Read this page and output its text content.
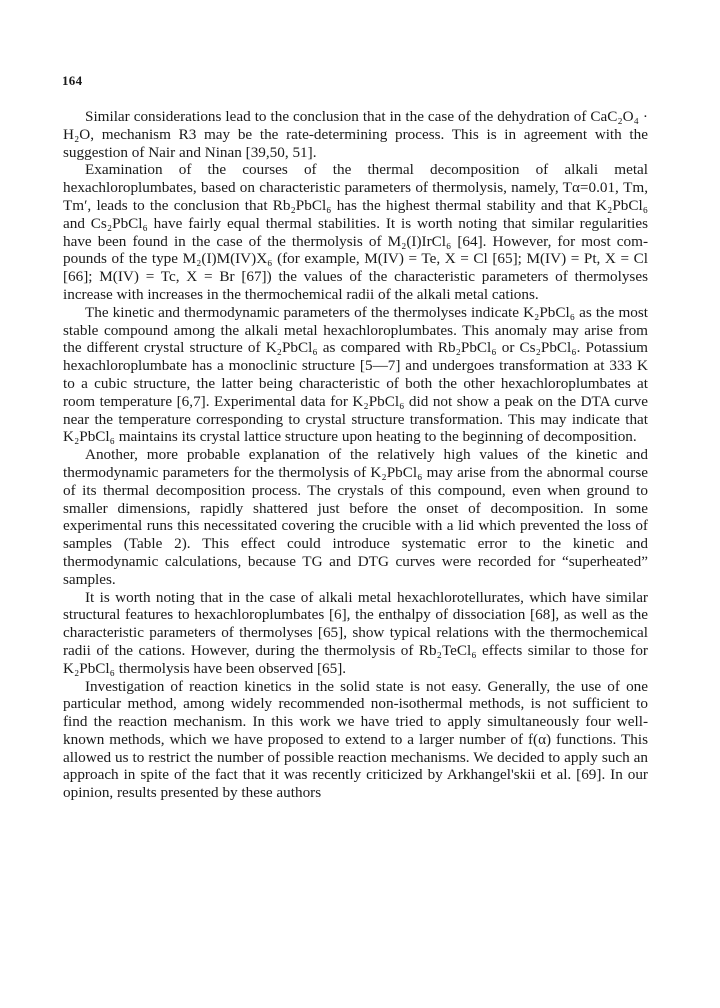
164

Similar considerations lead to the conclusion that in the case of the dehydration of CaC₂O₄ · H₂O, mechanism R3 may be the rate-determining process. This is in agreement with the suggestion of Nair and Ninan [39,50, 51].

Examination of the courses of the thermal decomposition of alkali metal hexachloroplumbates, based on characteristic parameters of thermolysis, namely, Tα=0.01, Tm, Tm′, leads to the conclusion that Rb₂PbCl₆ has the highest thermal stability and that K₂PbCl₆ and Cs₂PbCl₆ have fairly equal thermal stabilities. It is worth noting that similar regularities have been found in the case of the thermolysis of M₂(I)IrCl₆ [64]. However, for most compounds of the type M₂(I)M(IV)X₆ (for example, M(IV) = Te, X = Cl [65]; M(IV) = Pt, X = Cl [66]; M(IV) = Tc, X = Br [67]) the values of the characteristic parameters of thermolyses increase with increases in the thermochemical radii of the alkali metal cations.

The kinetic and thermodynamic parameters of the thermolyses indicate K₂PbCl₆ as the most stable compound among the alkali metal hexachloroplumbates. This anomaly may arise from the different crystal structure of K₂PbCl₆ as compared with Rb₂PbCl₆ or Cs₂PbCl₆. Potassium hexachloroplumbate has a monoclinic structure [5—7] and undergoes transformation at 333 K to a cubic structure, the latter being characteristic of both the other hexachloroplumbates at room temperature [6,7]. Experimental data for K₂PbCl₆ did not show a peak on the DTA curve near the temperature corresponding to crystal structure transformation. This may indicate that K₂PbCl₆ maintains its crystal lattice structure upon heating to the beginning of decomposition.

Another, more probable explanation of the relatively high values of the kinetic and thermodynamic parameters for the thermolysis of K₂PbCl₆ may arise from the abnormal course of its thermal decomposition process. The crystals of this compound, even when ground to smaller dimensions, rapidly shattered just before the onset of decomposition. In some experimental runs this necessitated covering the crucible with a lid which prevented the loss of samples (Table 2). This effect could introduce systematic error to the kinetic and thermodynamic calculations, because TG and DTG curves were recorded for “superheated” samples.

It is worth noting that in the case of alkali metal hexachlorotellurates, which have similar structural features to hexachloroplumbates [6], the enthalpy of dissociation [68], as well as the characteristic parameters of thermolyses [65], show typical relations with the thermochemical radii of the cations. However, during the thermolysis of Rb₂TeCl₆ effects similar to those for K₂PbCl₆ thermolysis have been observed [65].

Investigation of reaction kinetics in the solid state is not easy. Generally, the use of one particular method, among widely recommended non-isothermal methods, is not sufficient to find the reaction mechanism. In this work we have tried to apply simultaneously four well-known methods, which we have proposed to extend to a larger number of f(α) functions. This allowed us to restrict the number of possible reaction mechanisms. We decided to apply such an approach in spite of the fact that it was recently criticized by Arkhangel'skii et al. [69]. In our opinion, results presented by these authors
